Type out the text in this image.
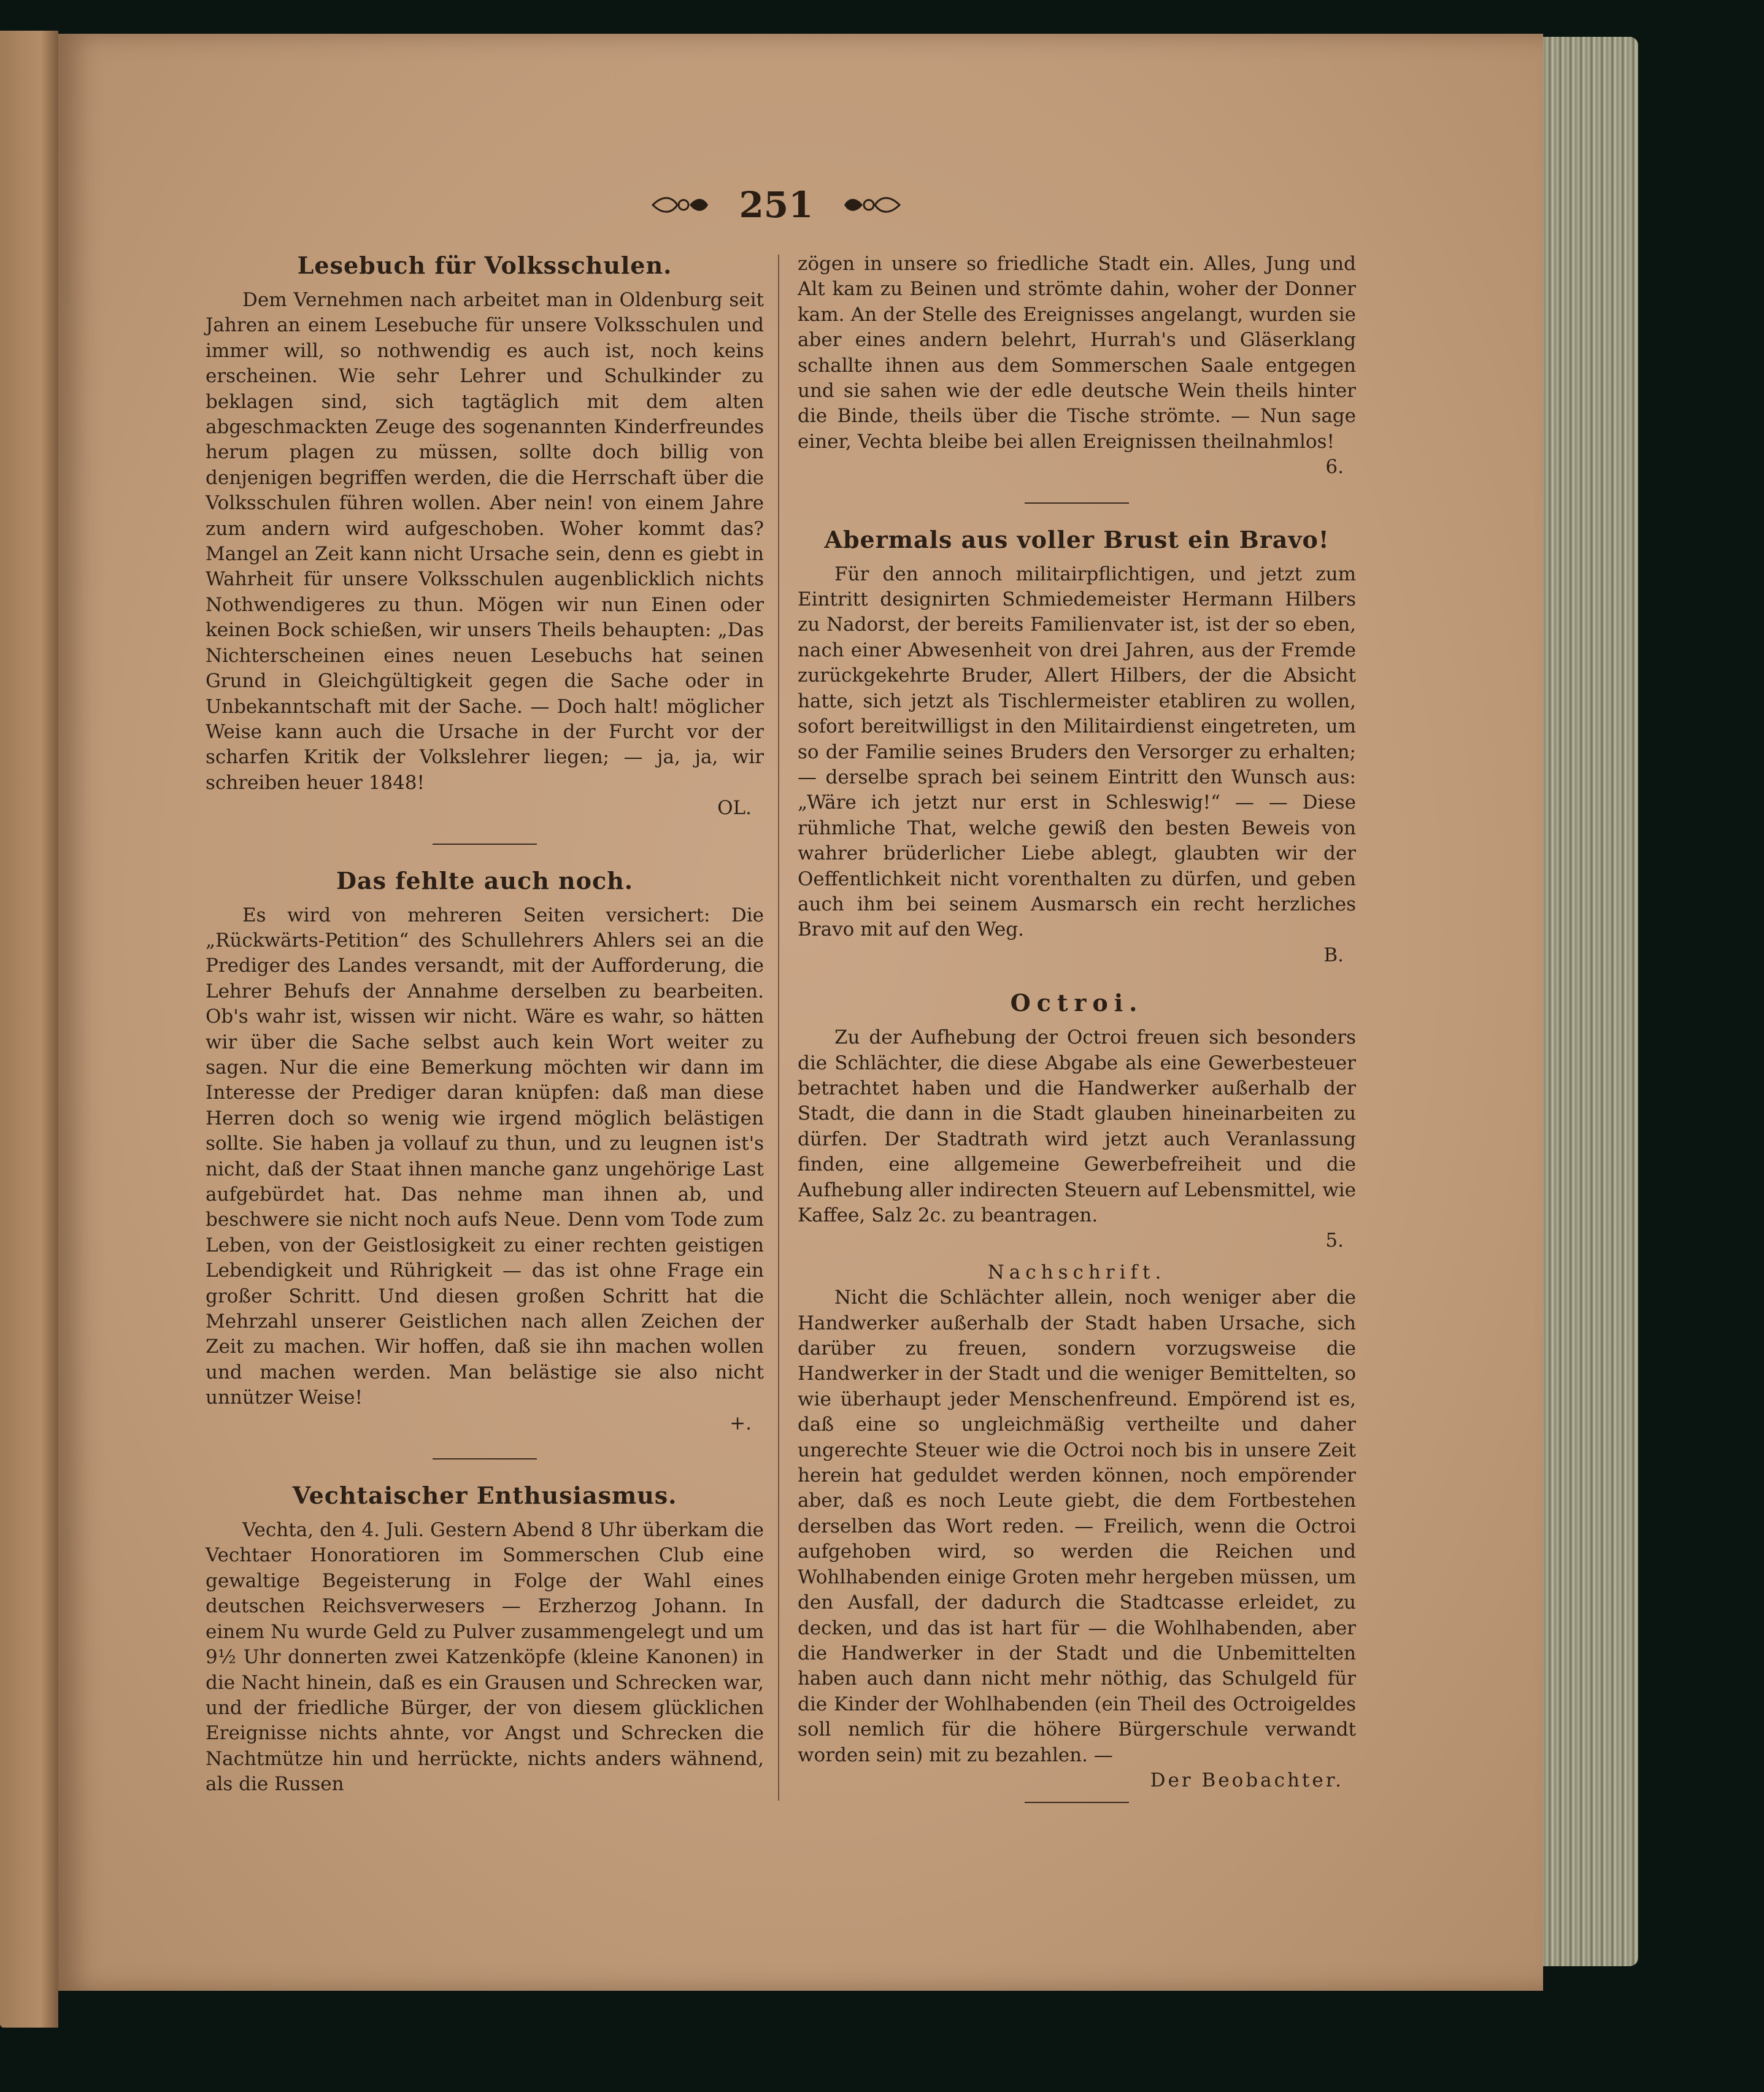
251
Lesebuch für Volksschulen.

Dem Vernehmen nach arbeitet man in Oldenburg seit Jahren an einem Lesebuche für unsere Volksschulen und immer will, so nothwendig es auch ist, noch keins erscheinen. Wie sehr Lehrer und Schulkinder zu beklagen sind, sich tagtäglich mit dem alten abgeschmackten Zeuge des sogenannten Kinderfreundes herum plagen zu müssen, sollte doch billig von denjenigen begriffen werden, die die Herrschaft über die Volksschulen führen wollen. Aber nein! von einem Jahre zum andern wird aufgeschoben. Woher kommt das? Mangel an Zeit kann nicht Ursache sein, denn es giebt in Wahrheit für unsere Volksschulen augenblicklich nichts Nothwendigeres zu thun. Mögen wir nun Einen oder keinen Bock schießen, wir unsers Theils behaupten: „Das Nichterscheinen eines neuen Lesebuchs hat seinen Grund in Gleichgültigkeit gegen die Sache oder in Unbekanntschaft mit der Sache. — Doch halt! möglicher Weise kann auch die Ursache in der Furcht vor der scharfen Kritik der Volkslehrer liegen; — ja, ja, wir schreiben heuer 1848!

OL.

Das fehlte auch noch.

Es wird von mehreren Seiten versichert: Die „Rückwärts-Petition“ des Schullehrers Ahlers sei an die Prediger des Landes versandt, mit der Aufforderung, die Lehrer Behufs der Annahme derselben zu bearbeiten. Ob's wahr ist, wissen wir nicht. Wäre es wahr, so hätten wir über die Sache selbst auch kein Wort weiter zu sagen. Nur die eine Bemerkung möchten wir dann im Interesse der Prediger daran knüpfen: daß man diese Herren doch so wenig wie irgend möglich belästigen sollte. Sie haben ja vollauf zu thun, und zu leugnen ist's nicht, daß der Staat ihnen manche ganz ungehörige Last aufgebürdet hat. Das nehme man ihnen ab, und beschwere sie nicht noch aufs Neue. Denn vom Tode zum Leben, von der Geistlosigkeit zu einer rechten geistigen Lebendigkeit und Rührigkeit — das ist ohne Frage ein großer Schritt. Und diesen großen Schritt hat die Mehrzahl unserer Geistlichen nach allen Zeichen der Zeit zu machen. Wir hoffen, daß sie ihn machen wollen und machen werden. Man belästige sie also nicht unnützer Weise!

+.

Vechtaischer Enthusiasmus.

Vechta, den 4. Juli. Gestern Abend 8 Uhr überkam die Vechtaer Honoratioren im Sommerschen Club eine gewaltige Begeisterung in Folge der Wahl eines deutschen Reichsverwesers — Erzherzog Johann. In einem Nu wurde Geld zu Pulver zusammengelegt und um 9½ Uhr donnerten zwei Katzenköpfe (kleine Kanonen) in die Nacht hinein, daß es ein Grausen und Schrecken war, und der friedliche Bürger, der von diesem glücklichen Ereignisse nichts ahnte, vor Angst und Schrecken die Nachtmütze hin und herrückte, nichts anders wähnend, als die Russen

zögen in unsere so friedliche Stadt ein. Alles, Jung und Alt kam zu Beinen und strömte dahin, woher der Donner kam. An der Stelle des Ereignisses angelangt, wurden sie aber eines andern belehrt, Hurrah's und Gläserklang schallte ihnen aus dem Sommerschen Saale entgegen und sie sahen wie der edle deutsche Wein theils hinter die Binde, theils über die Tische strömte. — Nun sage einer, Vechta bleibe bei allen Ereignissen theilnahmlos!

6.

Abermals aus voller Brust ein Bravo!

Für den annoch militairpflichtigen, und jetzt zum Eintritt designirten Schmiedemeister Hermann Hilbers zu Nadorst, der bereits Familienvater ist, ist der so eben, nach einer Abwesenheit von drei Jahren, aus der Fremde zurückgekehrte Bruder, Allert Hilbers, der die Absicht hatte, sich jetzt als Tischlermeister etabliren zu wollen, sofort bereitwilligst in den Militairdienst eingetreten, um so der Familie seines Bruders den Versorger zu erhalten; — derselbe sprach bei seinem Eintritt den Wunsch aus: „Wäre ich jetzt nur erst in Schleswig!“ — — Diese rühmliche That, welche gewiß den besten Beweis von wahrer brüderlicher Liebe ablegt, glaubten wir der Oeffentlichkeit nicht vorenthalten zu dürfen, und geben auch ihm bei seinem Ausmarsch ein recht herzliches Bravo mit auf den Weg.

B.

Octroi.

Zu der Aufhebung der Octroi freuen sich besonders die Schlächter, die diese Abgabe als eine Gewerbesteuer betrachtet haben und die Handwerker außerhalb der Stadt, die dann in die Stadt glauben hineinarbeiten zu dürfen. Der Stadtrath wird jetzt auch Veranlassung finden, eine allgemeine Gewerbefreiheit und die Aufhebung aller indirecten Steuern auf Lebensmittel, wie Kaffee, Salz 2c. zu beantragen.

5.

Nachschrift.

Nicht die Schlächter allein, noch weniger aber die Handwerker außerhalb der Stadt haben Ursache, sich darüber zu freuen, sondern vorzugsweise die Handwerker in der Stadt und die weniger Bemittelten, so wie überhaupt jeder Menschenfreund. Empörend ist es, daß eine so ungleichmäßig vertheilte und daher ungerechte Steuer wie die Octroi noch bis in unsere Zeit herein hat geduldet werden können, noch empörender aber, daß es noch Leute giebt, die dem Fortbestehen derselben das Wort reden. — Freilich, wenn die Octroi aufgehoben wird, so werden die Reichen und Wohlhabenden einige Groten mehr hergeben müssen, um den Ausfall, der dadurch die Stadtcasse erleidet, zu decken, und das ist hart für — die Wohlhabenden, aber die Handwerker in der Stadt und die Unbemittelten haben auch dann nicht mehr nöthig, das Schulgeld für die Kinder der Wohlhabenden (ein Theil des Octroigeldes soll nemlich für die höhere Bürgerschule verwandt worden sein) mit zu bezahlen. —

Der Beobachter.
